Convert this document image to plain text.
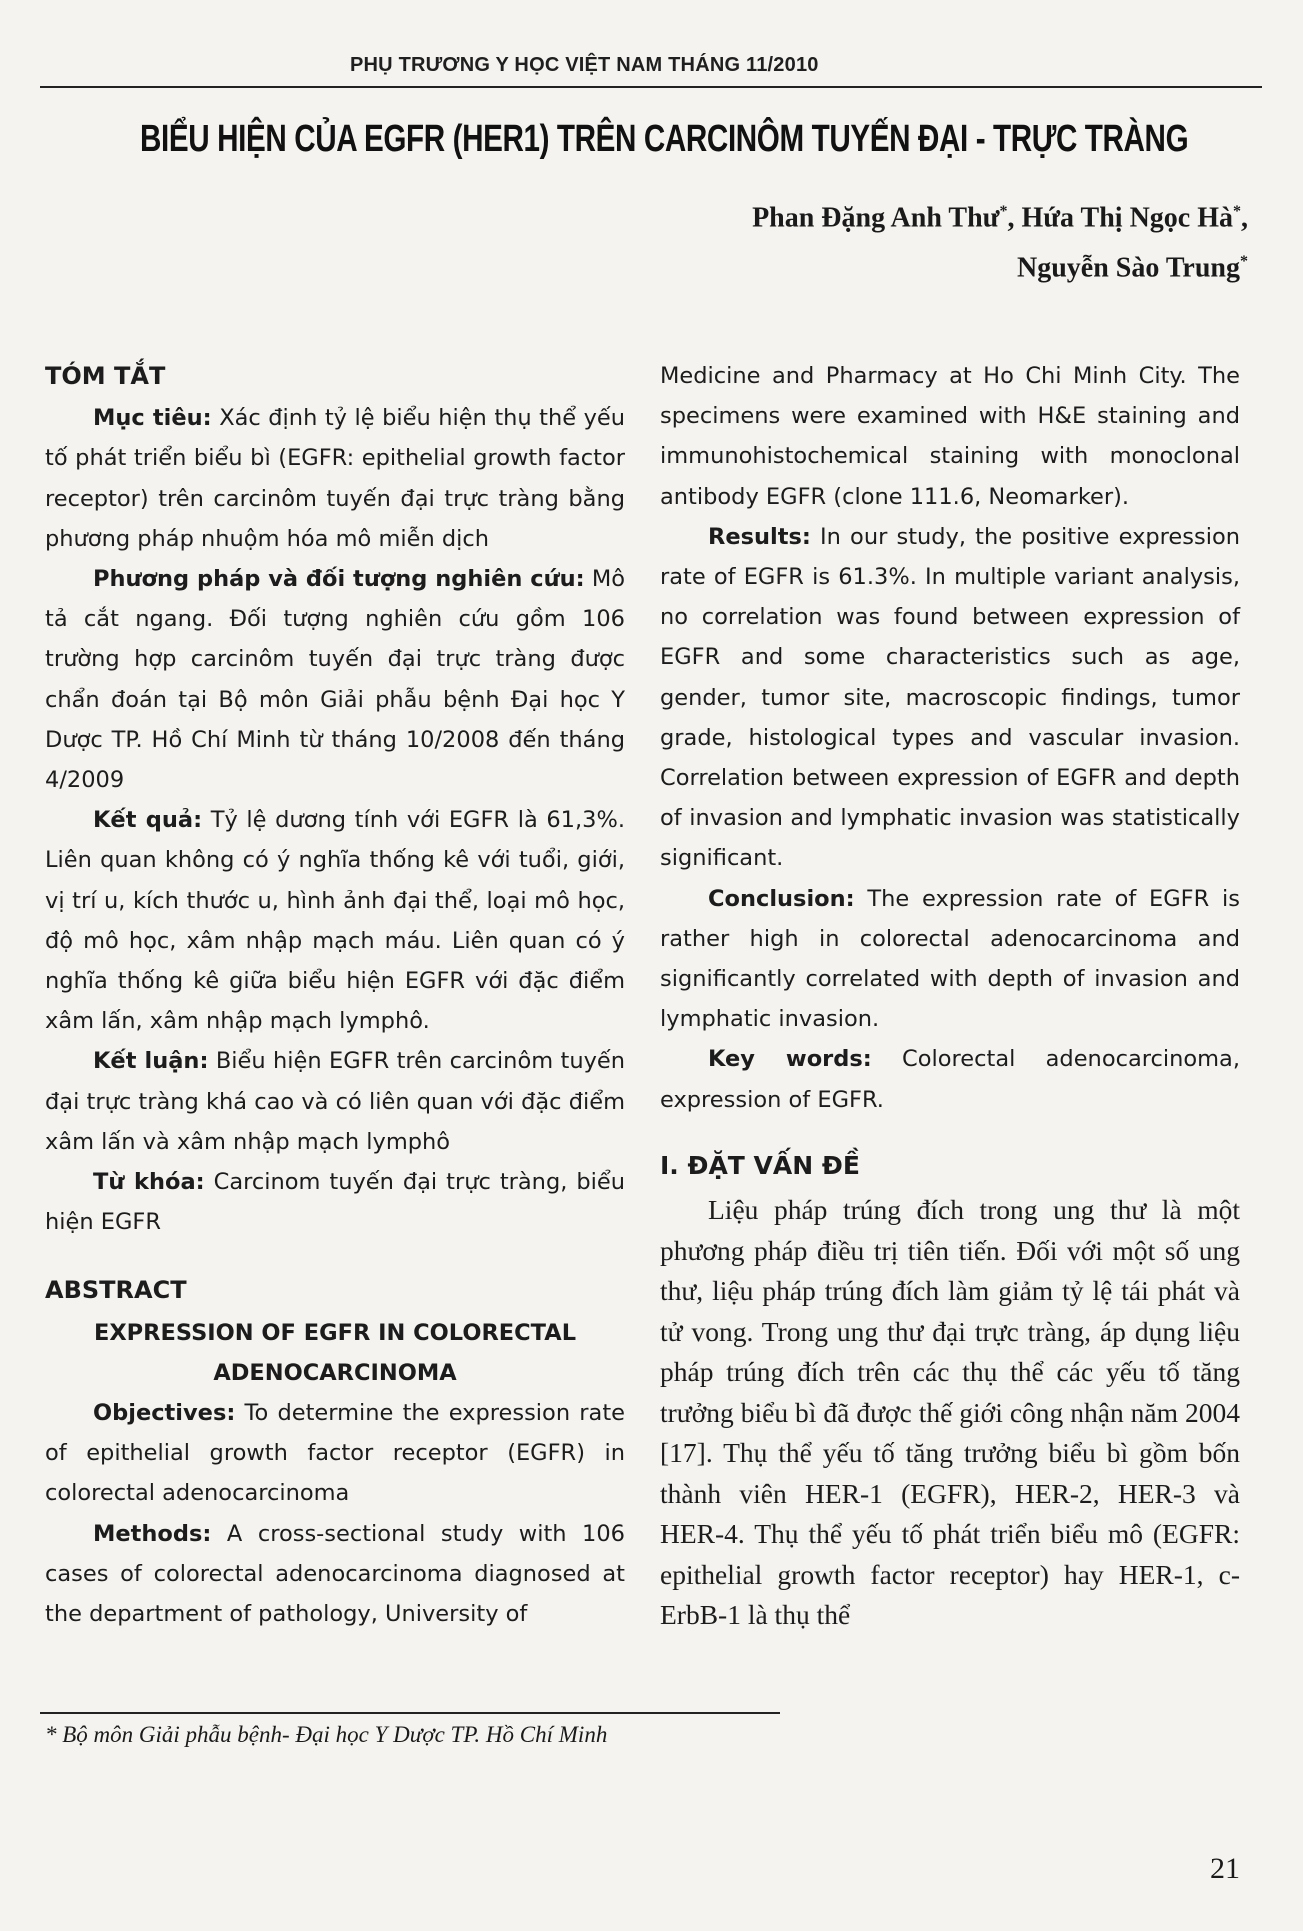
PHỤ TRƯƠNG Y HỌC VIỆT NAM THÁNG 11/2010
BIỂU HIỆN CỦA EGFR (HER1) TRÊN CARCINÔM TUYẾN ĐẠI - TRỰC TRÀNG
Phan Đặng Anh Thư*, Hứa Thị Ngọc Hà*,
Nguyễn Sào Trung*
TÓM TẮT

Mục tiêu: Xác định tỷ lệ biểu hiện thụ thể yếu tố phát triển biểu bì (EGFR: epithelial growth factor receptor) trên carcinôm tuyến đại trực tràng bằng phương pháp nhuộm hóa mô miễn dịch

Phương pháp và đối tượng nghiên cứu: Mô tả cắt ngang. Đối tượng nghiên cứu gồm 106 trường hợp carcinôm tuyến đại trực tràng được chẩn đoán tại Bộ môn Giải phẫu bệnh Đại học Y Dược TP. Hồ Chí Minh từ tháng 10/2008 đến tháng 4/2009

Kết quả: Tỷ lệ dương tính với EGFR là 61,3%. Liên quan không có ý nghĩa thống kê với tuổi, giới, vị trí u, kích thước u, hình ảnh đại thể, loại mô học, độ mô học, xâm nhập mạch máu. Liên quan có ý nghĩa thống kê giữa biểu hiện EGFR với đặc điểm xâm lấn, xâm nhập mạch lymphô.

Kết luận: Biểu hiện EGFR trên carcinôm tuyến đại trực tràng khá cao và có liên quan với đặc điểm xâm lấn và xâm nhập mạch lymphô

Từ khóa: Carcinom tuyến đại trực tràng, biểu hiện EGFR

ABSTRACT
EXPRESSION OF EGFR IN COLORECTAL ADENOCARCINOMA

Objectives: To determine the expression rate of epithelial growth factor receptor (EGFR) in colorectal adenocarcinoma

Methods: A cross-sectional study with 106 cases of colorectal adenocarcinoma diagnosed at the department of pathology, University of

Medicine and Pharmacy at Ho Chi Minh City. The specimens were examined with H&E staining and immunohistochemical staining with monoclonal antibody EGFR (clone 111.6, Neomarker).

Results: In our study, the positive expression rate of EGFR is 61.3%. In multiple variant analysis, no correlation was found between expression of EGFR and some characteristics such as age, gender, tumor site, macroscopic findings, tumor grade, histological types and vascular invasion. Correlation between expression of EGFR and depth of invasion and lymphatic invasion was statistically significant.

Conclusion: The expression rate of EGFR is rather high in colorectal adenocarcinoma and significantly correlated with depth of invasion and lymphatic invasion.

Key words: Colorectal adenocarcinoma, expression of EGFR.

I. ĐẶT VẤN ĐỀ

Liệu pháp trúng đích trong ung thư là một phương pháp điều trị tiên tiến. Đối với một số ung thư, liệu pháp trúng đích làm giảm tỷ lệ tái phát và tử vong. Trong ung thư đại trực tràng, áp dụng liệu pháp trúng đích trên các thụ thể các yếu tố tăng trưởng biểu bì đã được thế giới công nhận năm 2004 [17]. Thụ thể yếu tố tăng trưởng biểu bì gồm bốn thành viên HER-1 (EGFR), HER-2, HER-3 và HER-4. Thụ thể yếu tố phát triển biểu mô (EGFR: epithelial growth factor receptor) hay HER-1, c-ErbB-1 là thụ thể

* Bộ môn Giải phẫu bệnh- Đại học Y Dược TP. Hồ Chí Minh
21
